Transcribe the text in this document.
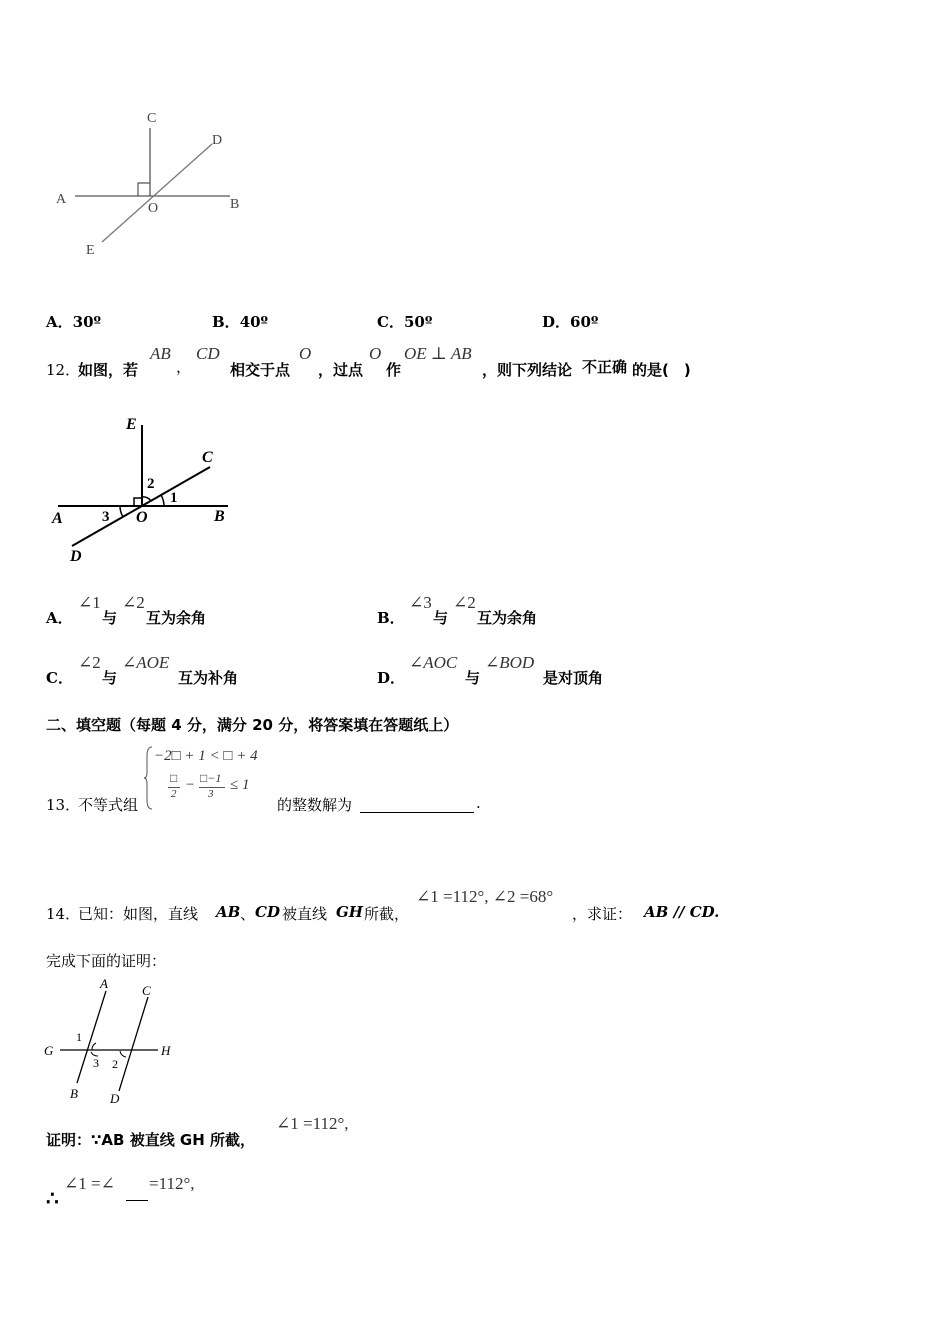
C
D
A
O	B
E
A．30º	B．40º	C．50º	D．60º
12．
如图，若
AB
，
CD
相交于点
O
，过点
O
作
OE ⊥ AB
，则下列结论 不正确 的是(　)
E
C
A	O	B
D
1
2
3
A．
∠1
与
∠2
互为余角	B．
∠3
与
∠2
互为余角
C．
∠2
与
∠AOE
互为补角	D．
∠AOC
与
∠BOD
是对顶角
二、填空题（每题 4 分，满分 20 分，将答案填在答题纸上）
13．
不等式组
−2□ + 1 < □ + 4
□
2
− □−1
3
≤ 1
的整数解为	.
14．
已知：如图，直线 AB 、 CD 被直线 GH 所截，
∠1 =112°, ∠2 =68°
，求证： AB // CD.
完成下面的证明：
A	C
G	H
B D
1
2
3
证明：∵AB 被直线 GH 所截，
∠1 =112°,
∴
∠1 =∠ =112°,
